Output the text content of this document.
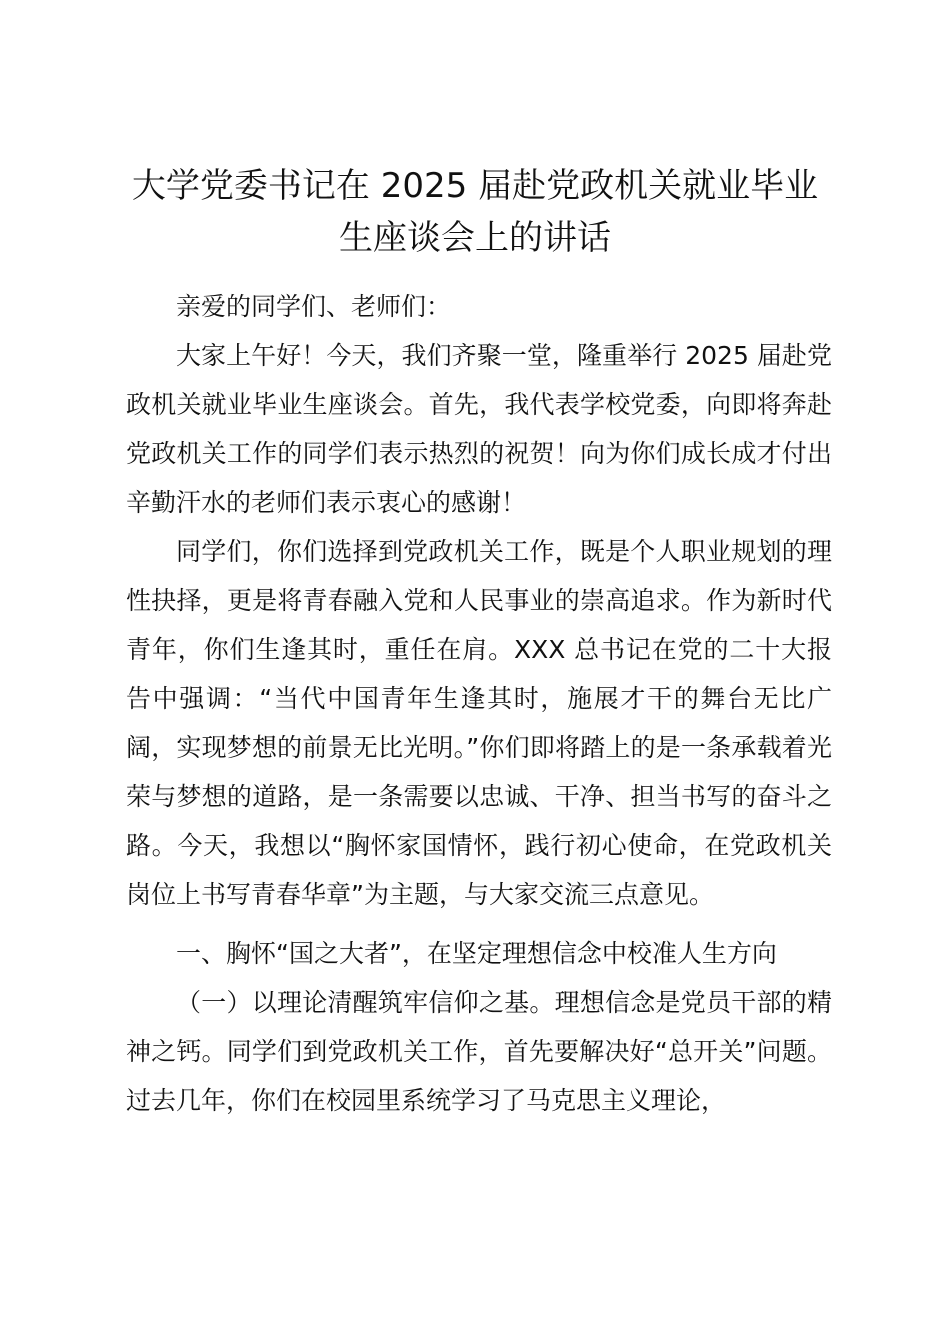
大学党委书记在 2025 届赴党政机关就业毕业
生座谈会上的讲话

亲爱的同学们、老师们：

大家上午好！今天，我们齐聚一堂，隆重举行 2025 届赴党政机关就业毕业生座谈会。首先，我代表学校党委，向即将奔赴党政机关工作的同学们表示热烈的祝贺！向为你们成长成才付出辛勤汗水的老师们表示衷心的感谢！

同学们，你们选择到党政机关工作，既是个人职业规划的理性抉择，更是将青春融入党和人民事业的崇高追求。作为新时代青年，你们生逢其时，重任在肩。XXX 总书记在党的二十大报告中强调：“当代中国青年生逢其时，施展才干的舞台无比广阔，实现梦想的前景无比光明。”你们即将踏上的是一条承载着光荣与梦想的道路，是一条需要以忠诚、干净、担当书写的奋斗之路。今天，我想以“胸怀家国情怀，践行初心使命，在党政机关岗位上书写青春华章”为主题，与大家交流三点意见。

一、胸怀“国之大者”，在坚定理想信念中校准人生方向

（一）以理论清醒筑牢信仰之基。理想信念是党员干部的精神之钙。同学们到党政机关工作，首先要解决好“总开关”问题。过去几年，你们在校园里系统学习了马克思主义理论，
